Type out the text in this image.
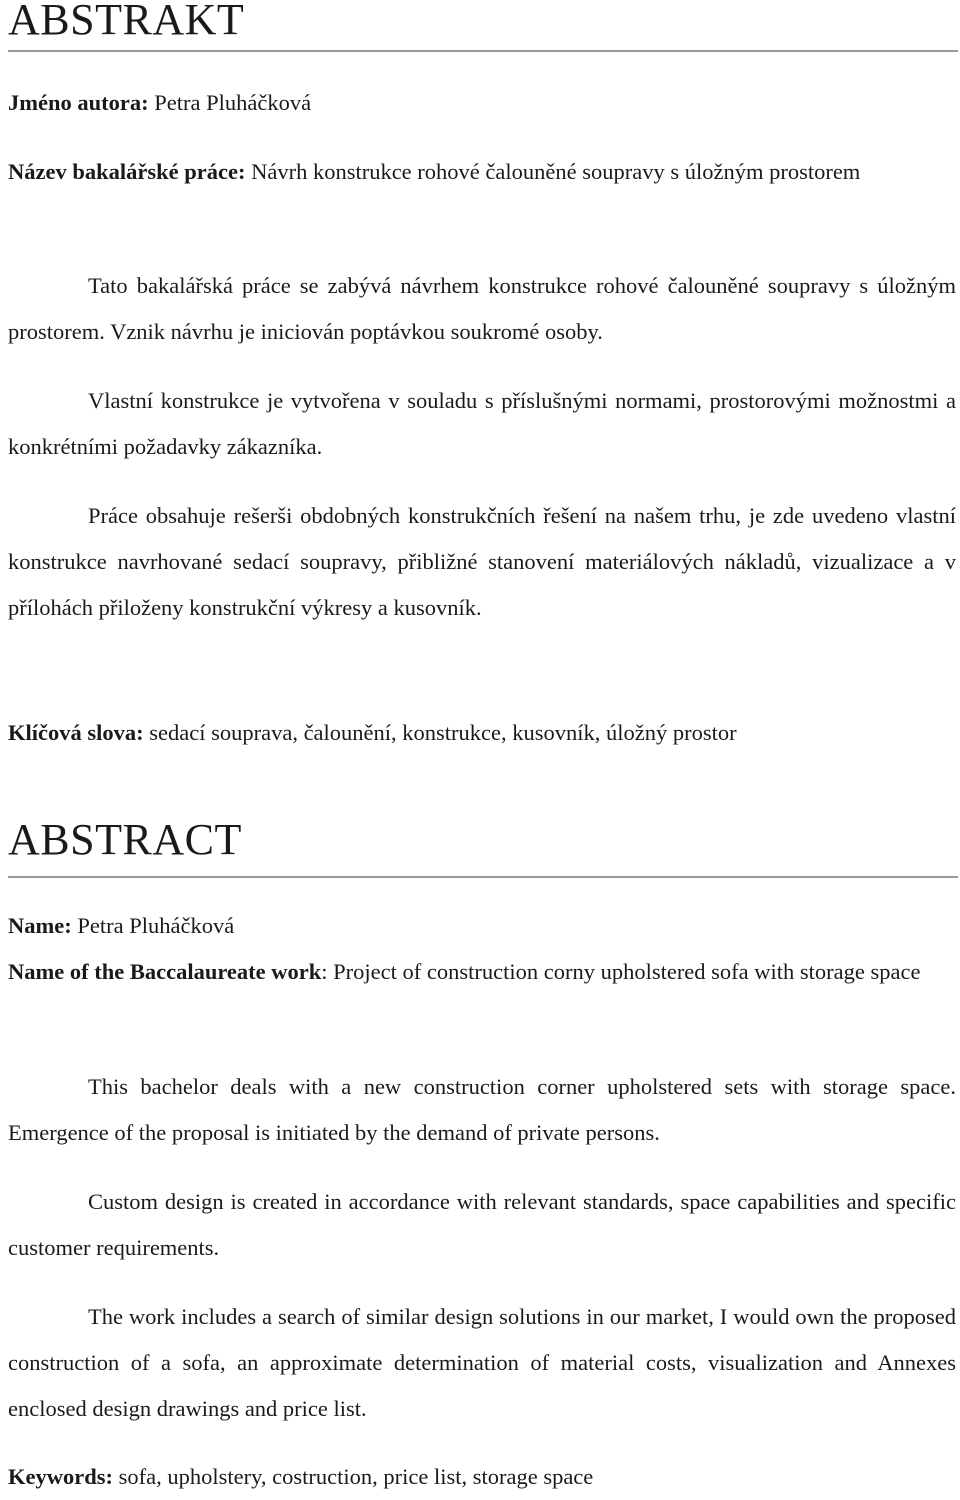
ABSTRAKT

Jméno autora: Petra Pluháčková

Název bakalářské práce: Návrh konstrukce rohové čalouněné soupravy s úložným prostorem

Tato bakalářská práce se zabývá návrhem konstrukce rohové čalouněné soupravy s úložným prostorem. Vznik návrhu je iniciován poptávkou soukromé osoby.

Vlastní konstrukce je vytvořena v souladu s příslušnými normami, prostorovými možnostmi a konkrétními požadavky zákazníka.

Práce obsahuje rešerši obdobných konstrukčních řešení na našem trhu, je zde uvedeno vlastní konstrukce navrhované sedací soupravy, přibližné stanovení materiálových nákladů, vizualizace a v přílohách přiloženy konstrukční výkresy a kusovník.

Klíčová slova: sedací souprava, čalounění, konstrukce, kusovník, úložný prostor

ABSTRACT

Name: Petra Pluháčková

Name of the Baccalaureate work: Project of construction corny upholstered sofa with storage space

This bachelor deals with a new construction corner upholstered sets with storage space. Emergence of the proposal is initiated by the demand of private persons.

Custom design is created in accordance with relevant standards, space capabilities and specific customer requirements.

The work includes a search of similar design solutions in our market, I would own the proposed construction of a sofa, an approximate determination of material costs, visualization and Annexes enclosed design drawings and price list.

Keywords: sofa, upholstery, costruction, price list, storage space
